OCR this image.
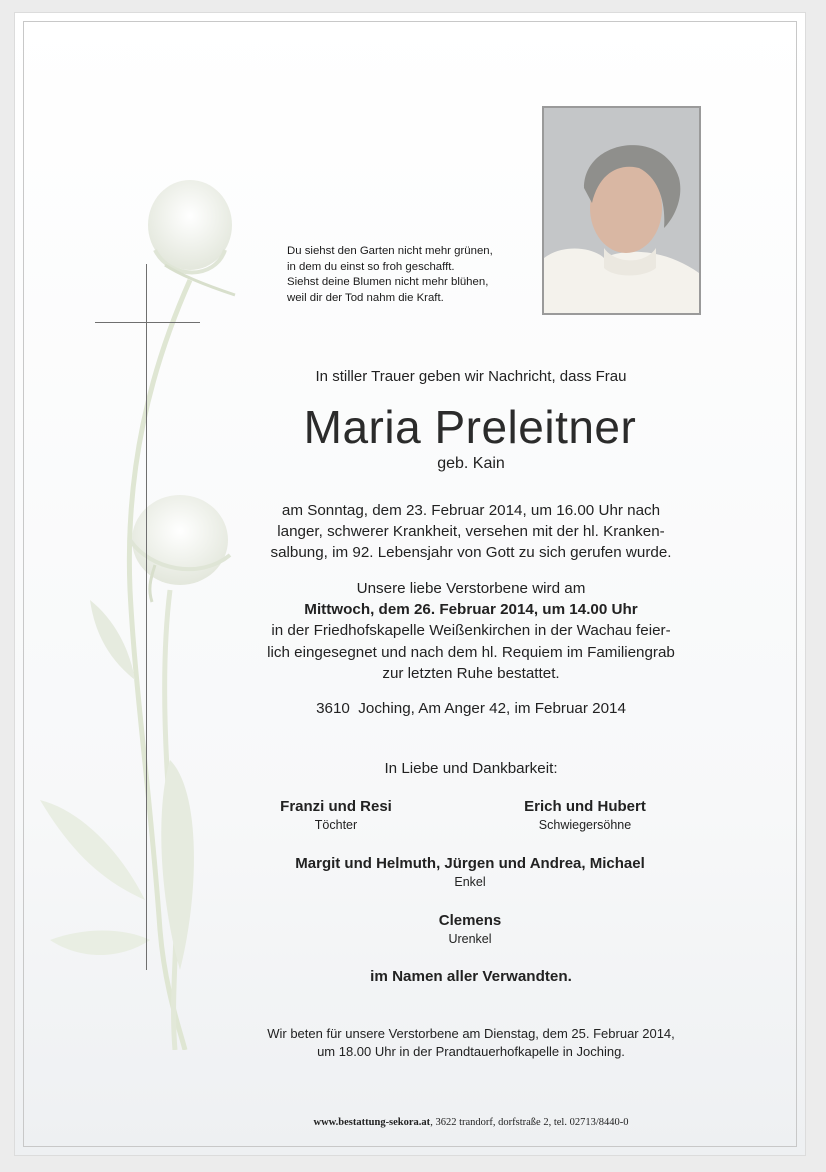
Du siehst den Garten nicht mehr grünen,
in dem du einst so froh geschafft.
Siehst deine Blumen nicht mehr blühen,
weil dir der Tod nahm die Kraft.
In stiller Trauer geben wir Nachricht, dass Frau
Maria Preleitner
geb. Kain
am Sonntag, dem 23. Februar 2014, um 16.00 Uhr nach
langer, schwerer Krankheit, versehen mit der hl. Kranken-
salbung, im 92. Lebensjahr von Gott zu sich gerufen wurde.
Unsere liebe Verstorbene wird am
Mittwoch, dem 26. Februar 2014, um 14.00 Uhr
in der Friedhofskapelle Weißenkirchen in der Wachau feier-
lich eingesegnet und nach dem hl. Requiem im Familiengrab
zur letzten Ruhe bestattet.
3610  Joching, Am Anger 42, im Februar 2014
In Liebe und Dankbarkeit:
Franzi und Resi
Töchter
Erich und Hubert
Schwiegersöhne
Margit und Helmuth, Jürgen und Andrea, Michael
Enkel
Clemens
Urenkel
im Namen aller Verwandten.
Wir beten für unsere Verstorbene am Dienstag, dem 25. Februar 2014,
um 18.00 Uhr in der Prandtauerhofkapelle in Joching.
www.bestattung-sekora.at, 3622 trandorf, dorfstraße 2, tel. 02713/8440-0
